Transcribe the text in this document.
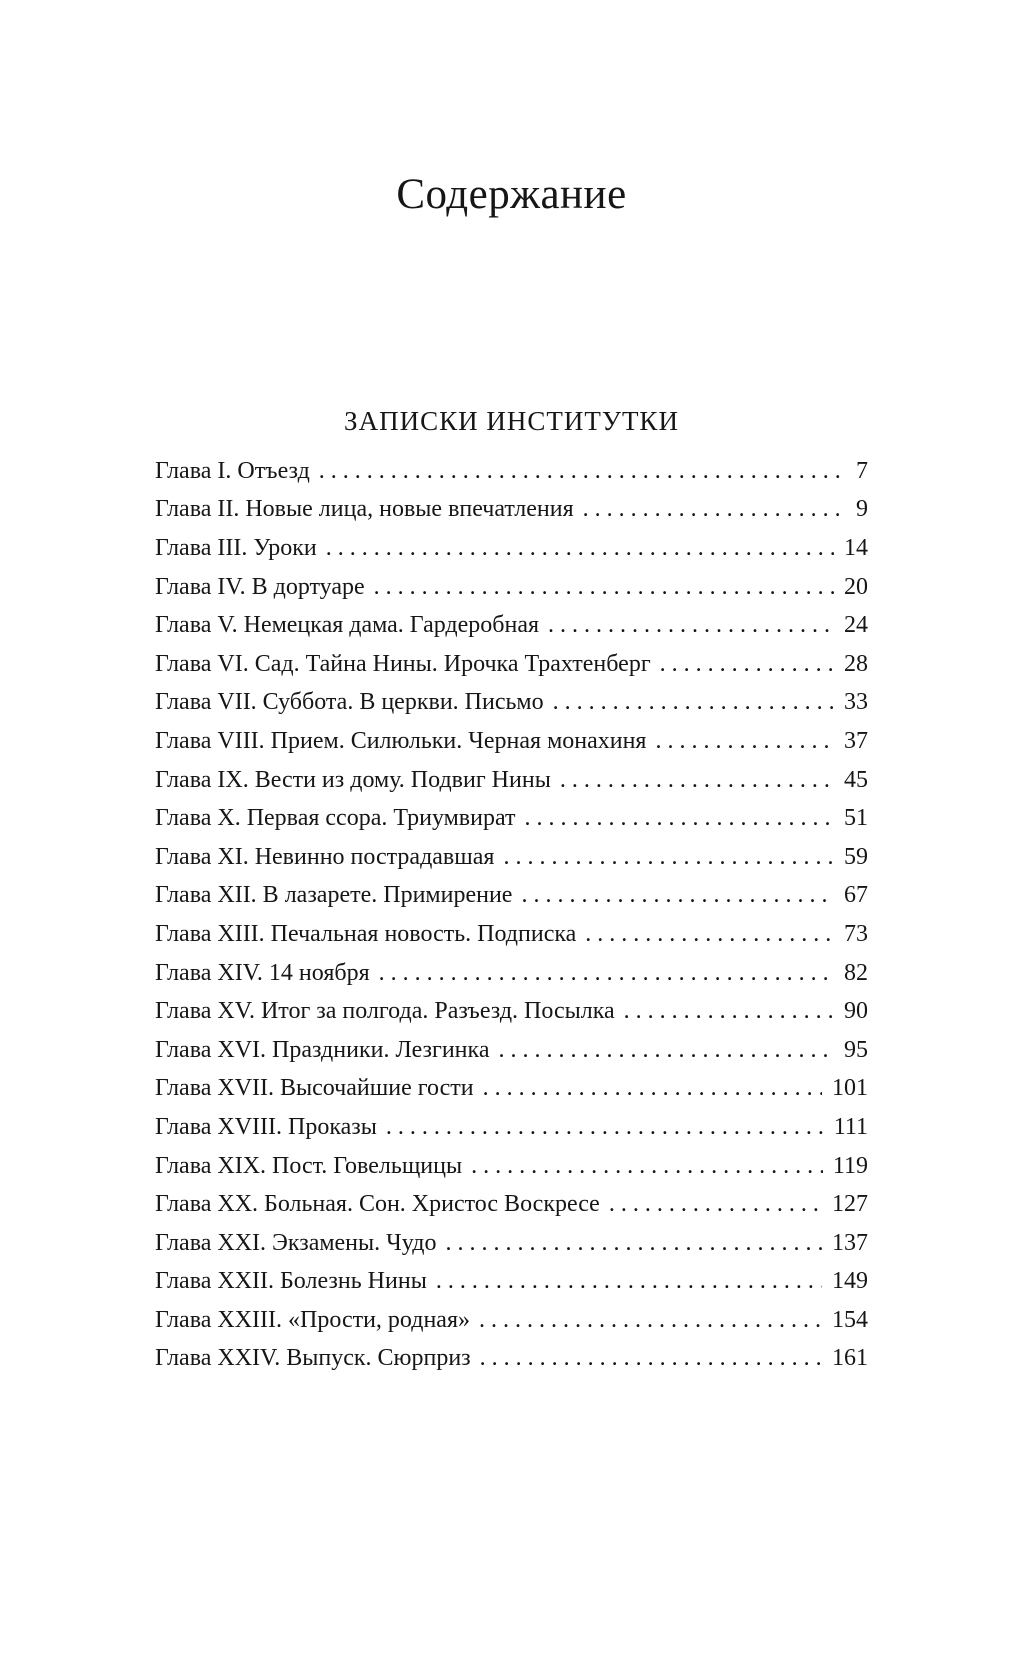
Содержание
ЗАПИСКИ ИНСТИТУТКИ
Глава I. Отъезд .....	7
Глава II. Новые лица, новые впечатления .....	9
Глава III. Уроки .....	14
Глава IV. В дортуаре .....	20
Глава V. Немецкая дама. Гардеробная .....	24
Глава VI. Сад. Тайна Нины. Ирочка Трахтенберг .....	28
Глава VII. Суббота. В церкви. Письмо .....	33
Глава VIII. Прием. Силюльки. Черная монахиня .....	37
Глава IX. Вести из дому. Подвиг Нины .....	45
Глава X. Первая ссора. Триумвират .....	51
Глава XI. Невинно пострадавшая .....	59
Глава XII. В лазарете. Примирение .....	67
Глава XIII. Печальная новость. Подписка .....	73
Глава XIV. 14 ноября .....	82
Глава XV. Итог за полгода. Разъезд. Посылка .....	90
Глава XVI. Праздники. Лезгинка .....	95
Глава XVII. Высочайшие гости .....	101
Глава XVIII. Проказы .....	111
Глава XIX. Пост. Говельщицы .....	119
Глава XX. Больная. Сон. Христос Воскресе .....	127
Глава XXI. Экзамены. Чудо .....	137
Глава XXII. Болезнь Нины .....	149
Глава XXIII. «Прости, родная» .....	154
Глава XXIV. Выпуск. Сюрприз .....	161
